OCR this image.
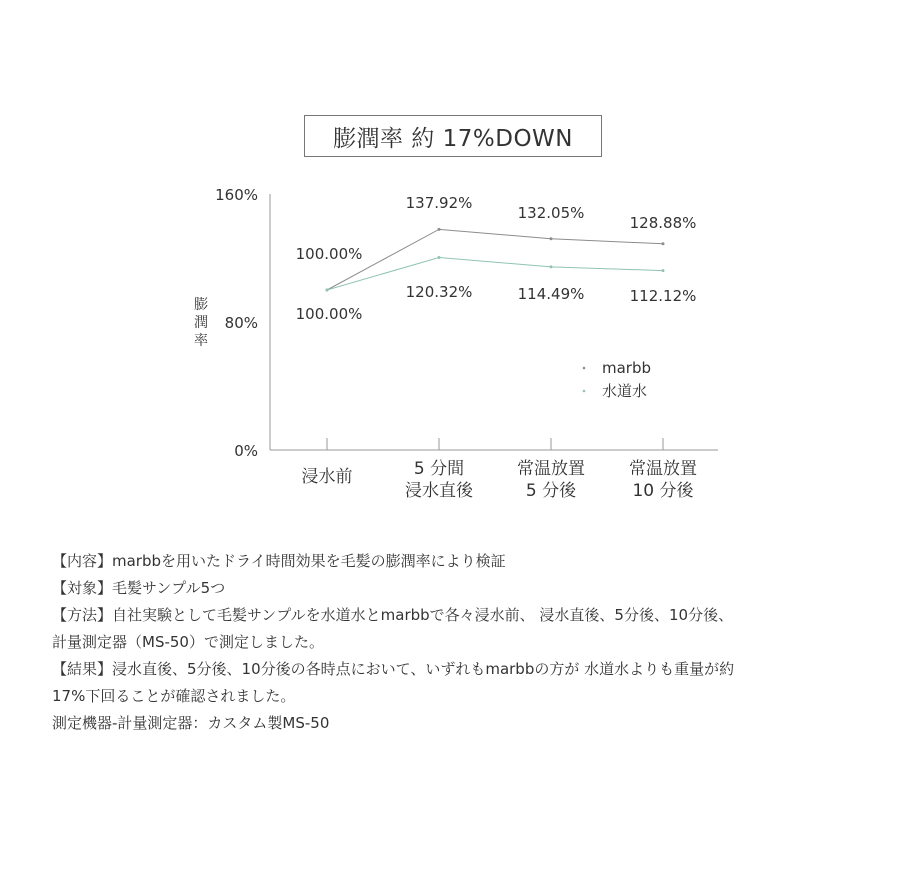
膨潤率 約 17%DOWN
膨
潤
率
0%
80%
160%
浸水前	5 分間
浸水直後
常温放置
5 分後
常温放置
10 分後
100.00%
137.92%
132.05%
128.88%
100.00%
120.32%	114.49%	112.12%
marbb
水道水

【内容】marbbを用いたドライ時間効果を毛髪の膨潤率により検証

【対象】毛髪サンプル5つ

【方法】自社実験として毛髪サンプルを水道水とmarbbで各々浸水前、 浸水直後、5分後、10分後、

計量測定器（MS-50）で測定しました。

【結果】浸水直後、5分後、10分後の各時点において、いずれもmarbbの方が 水道水よりも重量が約

17%下回ることが確認されました。

測定機器-計量測定器：カスタム製MS-50
